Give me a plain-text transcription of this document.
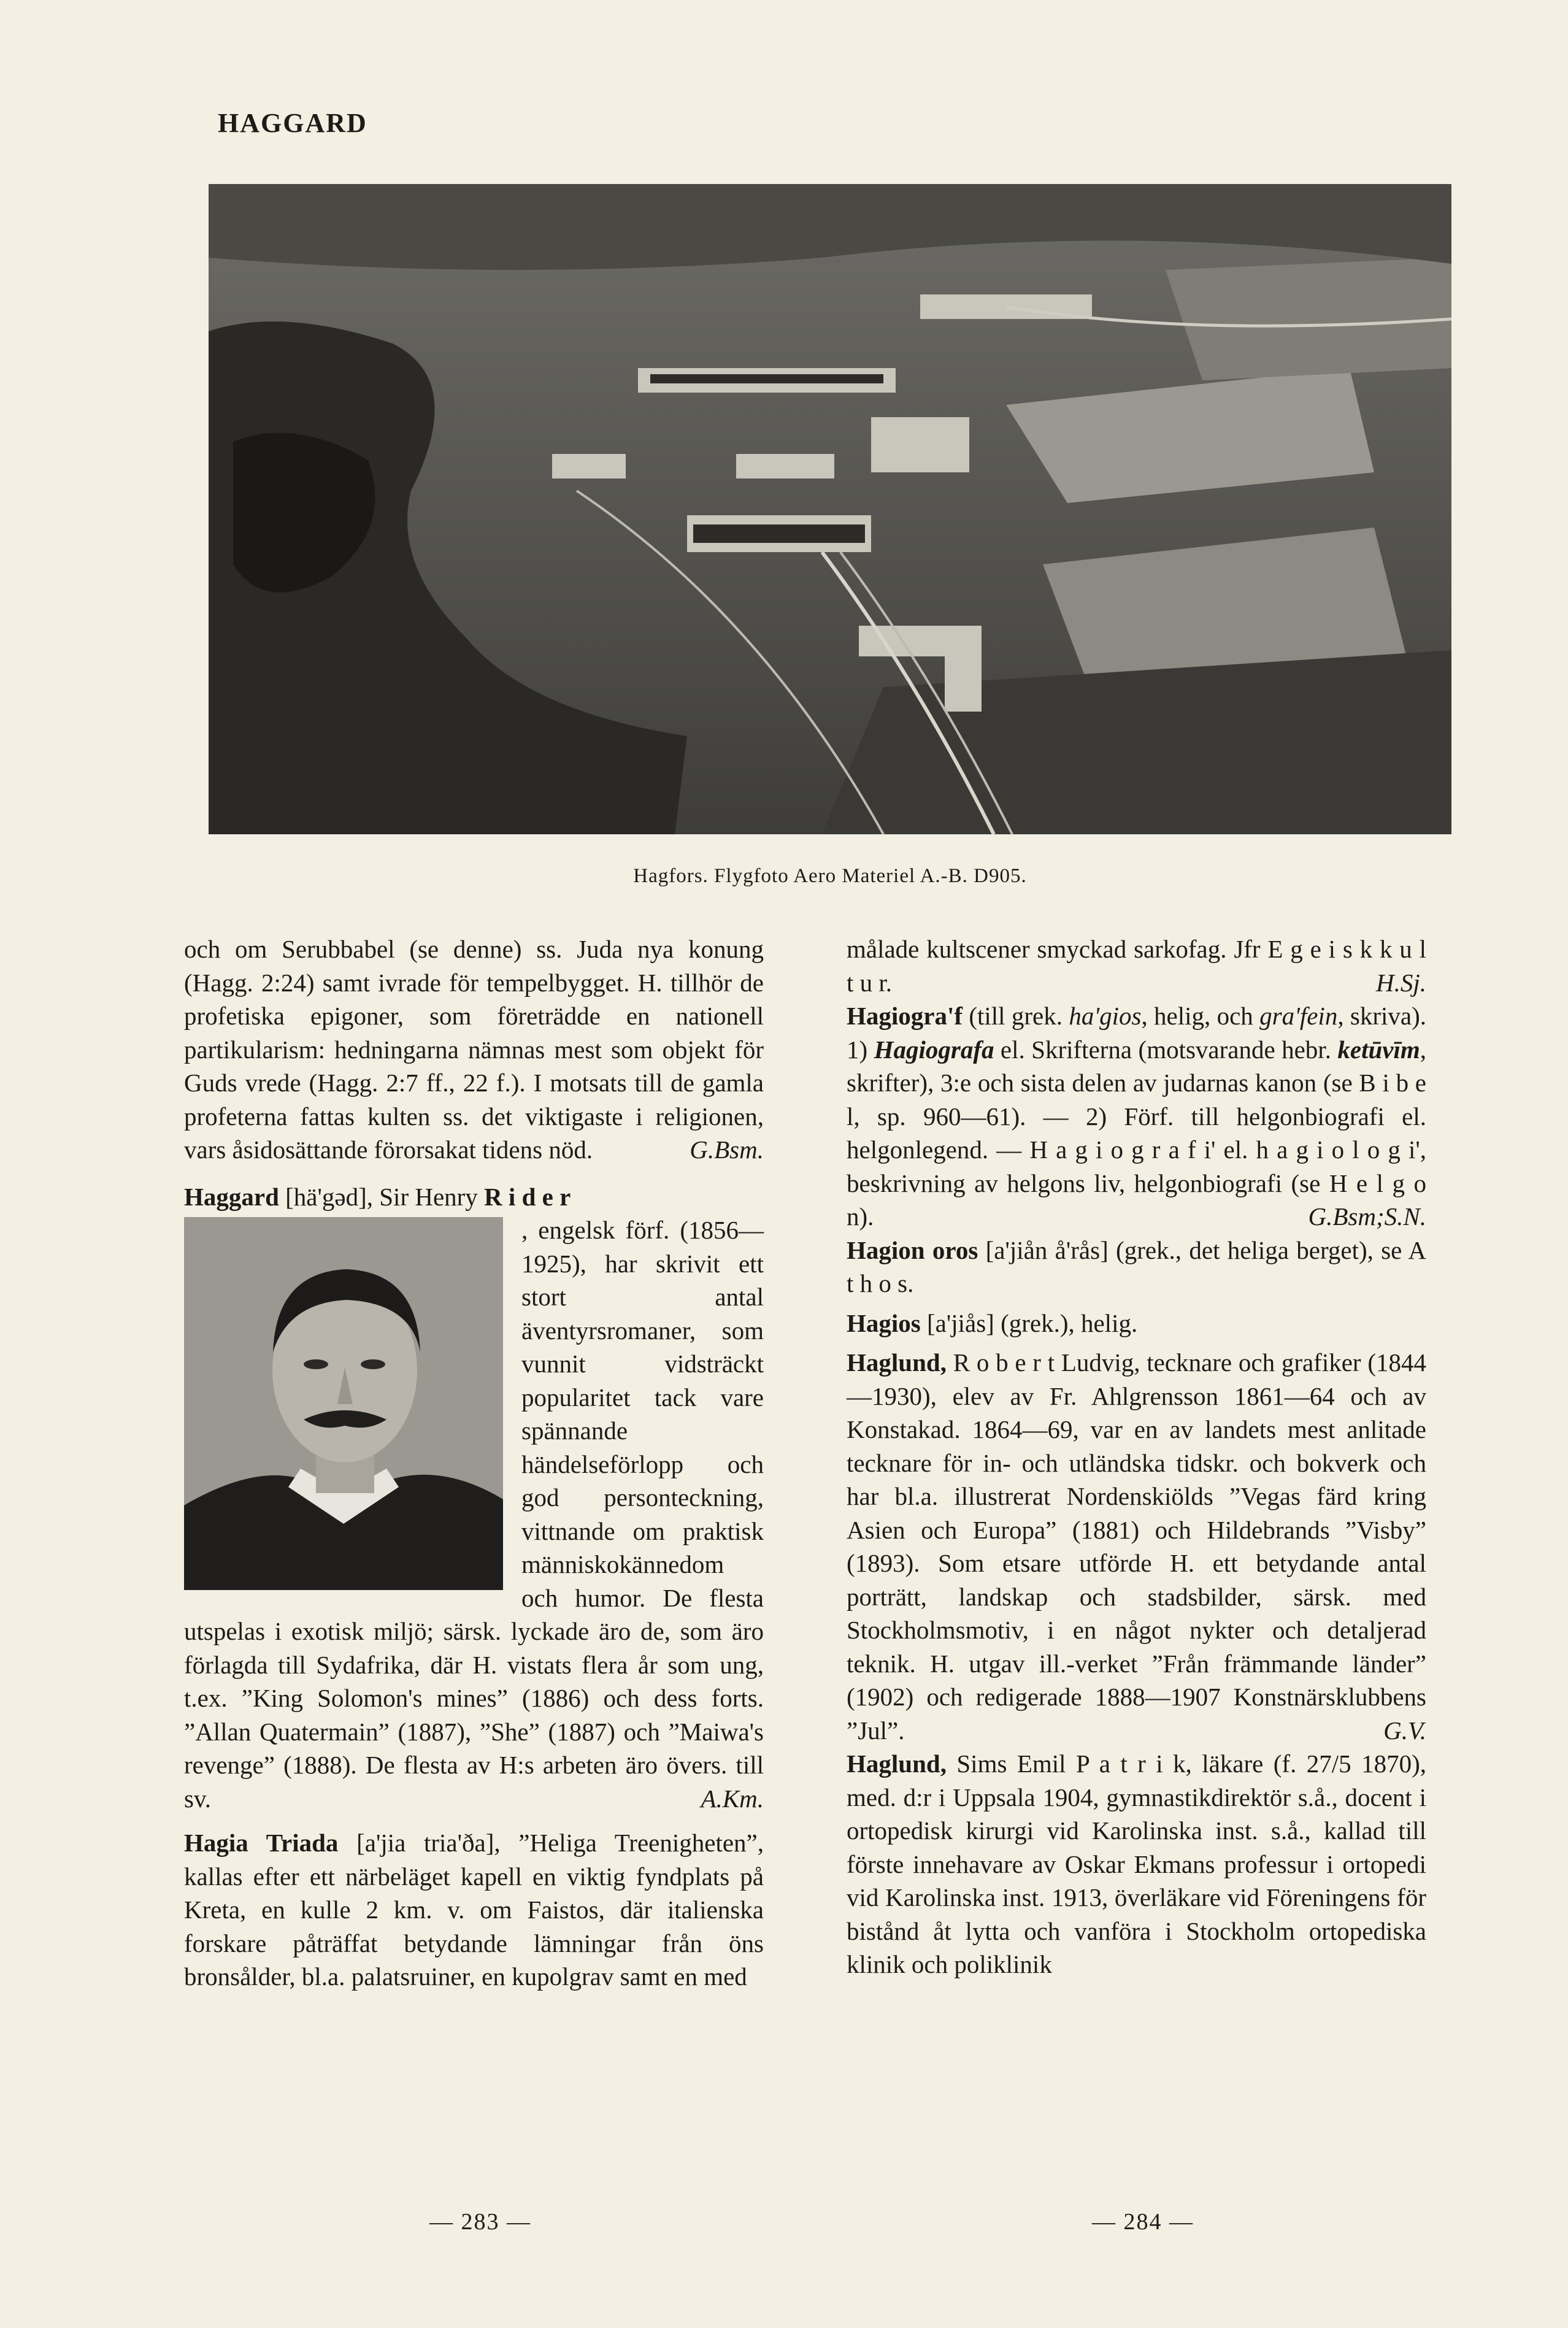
HAGGARD
Hagfors. Flygfoto Aero Materiel A.-B. D905.

och om Serubbabel (se denne) ss. Juda nya konung (Hagg. 2:24) samt ivrade för tempelbygget. H. tillhör de profetiska epigoner, som företrädde en nationell partikularism: hedningarna nämnas mest som objekt för Guds vrede (Hagg. 2:7 ff., 22 f.). I motsats till de gamla profeterna fattas kulten ss. det viktigaste i religionen, vars åsidosättande förorsakat tidens nöd.	G.Bsm.

Haggard [hä'gəd], Sir Henry R i d e r

, engelsk förf. (1856—1925), har skrivit ett stort antal äventyrsromaner, som vunnit vidsträckt popularitet tack vare spännande händelseförlopp och god personteckning, vittnande om praktisk människokännedom och humor. De flesta utspelas i exotisk miljö; särsk. lyckade äro de, som äro förlagda till Sydafrika, där H. vistats flera år som ung, t.ex. ”King Solomon's mines” (1886) och dess forts. ”Allan Quatermain” (1887), ”She” (1887) och ”Maiwa's revenge” (1888). De flesta av H:s arbeten äro övers. till sv.	A.Km.

Hagia Triada [a'jia tria'ða], ”Heliga Treenigheten”, kallas efter ett närbeläget kapell en viktig fyndplats på Kreta, en kulle 2 km. v. om Faistos, där italienska forskare påträffat betydande lämningar från öns bronsålder, bl.a. palatsruiner, en kupolgrav samt en med

målade kultscener smyckad sarkofag. Jfr E g e i s k k u l t u r.	H.Sj.

Hagiogra'f (till grek. ha'gios, helig, och gra'fein, skriva). 1) Hagiografa el. Skrifterna (motsvarande hebr. ketūvīm, skrifter), 3:e och sista delen av judarnas kanon (se B i b e l, sp. 960—61). — 2) Förf. till helgonbiografi el. helgonlegend. — H a g i o g r a f i' el. h a g i o l o g i', beskrivning av helgons liv, helgonbiografi (se H e l g o n).	G.Bsm;S.N.

Hagion oros [a'jiån å'rås] (grek., det heliga berget), se A t h o s.

Hagios [a'jiås] (grek.), helig.

Haglund, R o b e r t Ludvig, tecknare och grafiker (1844—1930), elev av Fr. Ahlgrensson 1861—64 och av Konstakad. 1864—69, var en av landets mest anlitade tecknare för in- och utländska tidskr. och bokverk och har bl.a. illustrerat Nordenskiölds ”Vegas färd kring Asien och Europa” (1881) och Hildebrands ”Visby” (1893). Som etsare utförde H. ett betydande antal porträtt, landskap och stadsbilder, särsk. med Stockholmsmotiv, i en något nykter och detaljerad teknik. H. utgav ill.-verket ”Från främmande länder” (1902) och redigerade 1888—1907 Konstnärsklubbens ”Jul”.	G.V.

Haglund, Sims Emil P a t r i k, läkare (f. 27/5 1870), med. d:r i Uppsala 1904, gymnastikdirektör s.å., docent i ortopedisk kirurgi vid Karolinska inst. s.å., kallad till förste innehavare av Oskar Ekmans professur i ortopedi vid Karolinska inst. 1913, överläkare vid Föreningens för bistånd åt lytta och vanföra i Stockholm ortopediska klinik och poliklinik

— 283 —	— 284 —
